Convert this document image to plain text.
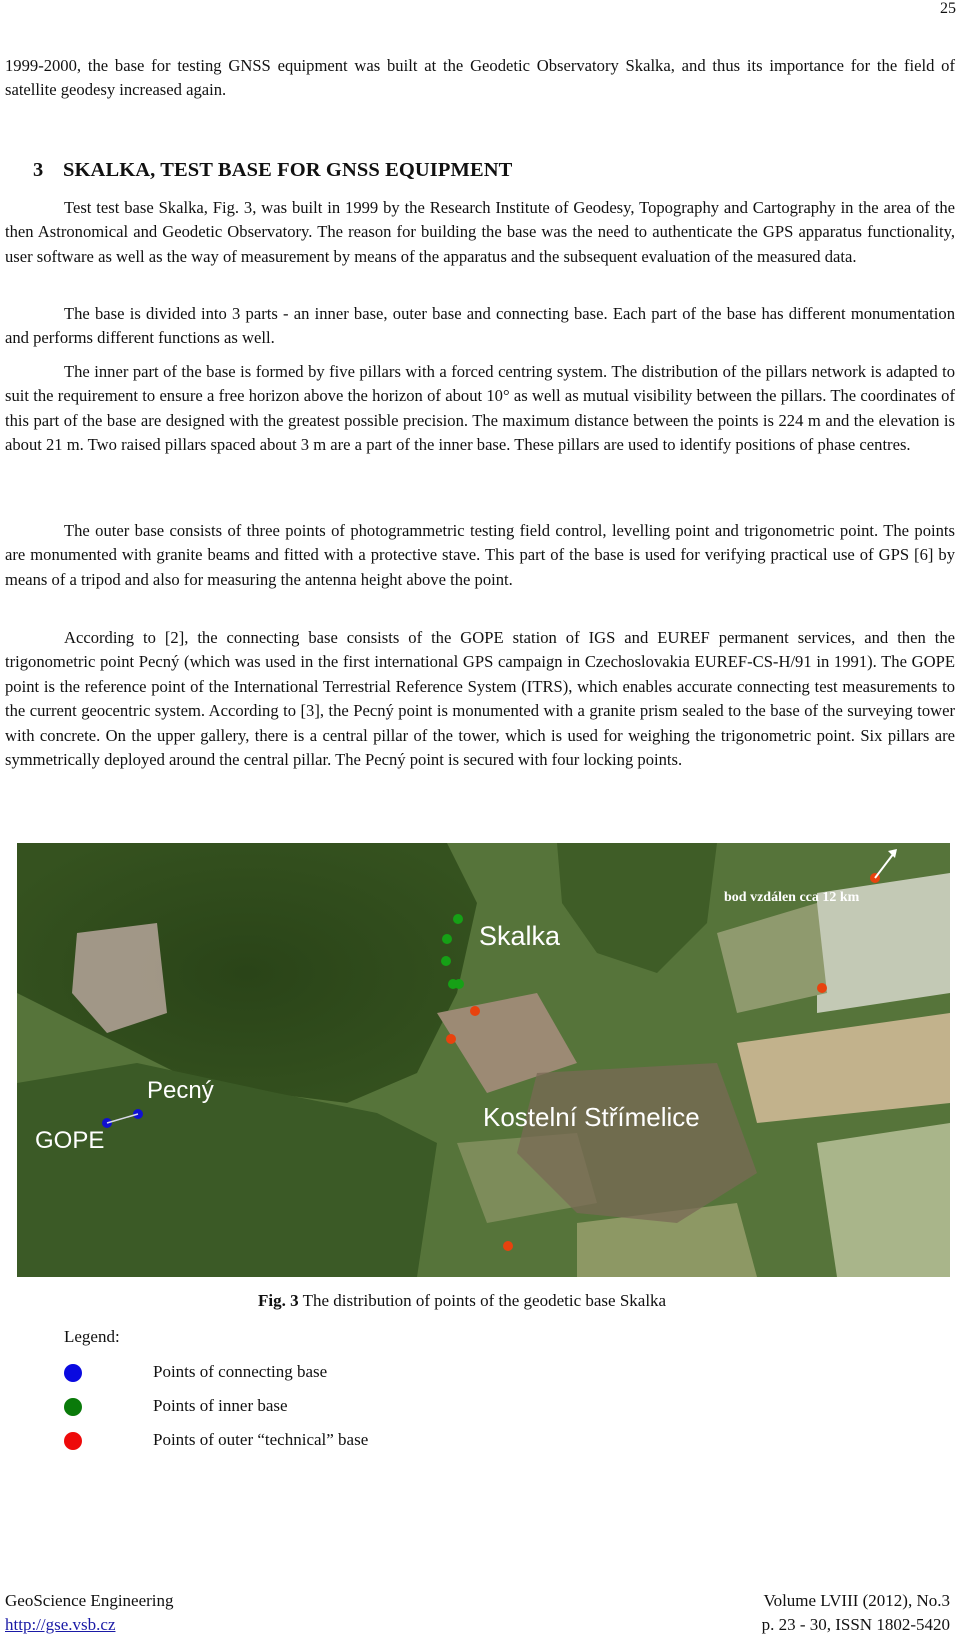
25

1999-2000, the base for testing GNSS equipment was built at the Geodetic Observatory Skalka, and thus its importance for the field of satellite geodesy increased again.

3 SKALKA, TEST BASE FOR GNSS EQUIPMENT

Test test base Skalka, Fig. 3, was built in 1999 by the Research Institute of Geodesy, Topography and Cartography in the area of the then Astronomical and Geodetic Observatory. The reason for building the base was the need to authenticate the GPS apparatus functionality, user software as well as the way of measurement by means of the apparatus and the subsequent evaluation of the measured data.

The base is divided into 3 parts - an inner base, outer base and connecting base. Each part of the base has different monumentation and performs different functions as well.

The inner part of the base is formed by five pillars with a forced centring system. The distribution of the pillars network is adapted to suit the requirement to ensure a free horizon above the horizon of about 10° as well as mutual visibility between the pillars. The coordinates of this part of the base are designed with the greatest possible precision. The maximum distance between the points is 224 m and the elevation is about 21 m. Two raised pillars spaced about 3 m are a part of the inner base. These pillars are used to identify positions of phase centres.

The outer base consists of three points of photogrammetric testing field control, levelling point and trigonometric point. The points are monumented with granite beams and fitted with a protective stave. This part of the base is used for verifying practical use of GPS [6] by means of a tripod and also for measuring the antenna height above the point.

According to [2], the connecting base consists of the GOPE station of IGS and EUREF permanent services, and then the trigonometric point Pecný (which was used in the first international GPS campaign in Czechoslovakia EUREF-CS-H/91 in 1991). The GOPE point is the reference point of the International Terrestrial Reference System (ITRS), which enables accurate connecting test measurements to the current geocentric system. According to [3], the Pecný point is monumented with a granite prism sealed to the base of the surveying tower with concrete. On the upper gallery, there is a central pillar of the tower, which is used for weighing the trigonometric point. Six pillars are symmetrically deployed around the central pillar. The Pecný point is secured with four locking points.

Skalka
Pecný
GOPE
Kostelní Střímelice
bod vzdálen cca 12 km
Fig. 3 The distribution of points of the geodetic base Skalka
Legend:
Points of connecting base
Points of inner base
Points of outer “technical” base
GeoScience Engineering
http://gse.vsb.cz
Volume LVIII (2012), No.3
p. 23 - 30, ISSN 1802-5420
